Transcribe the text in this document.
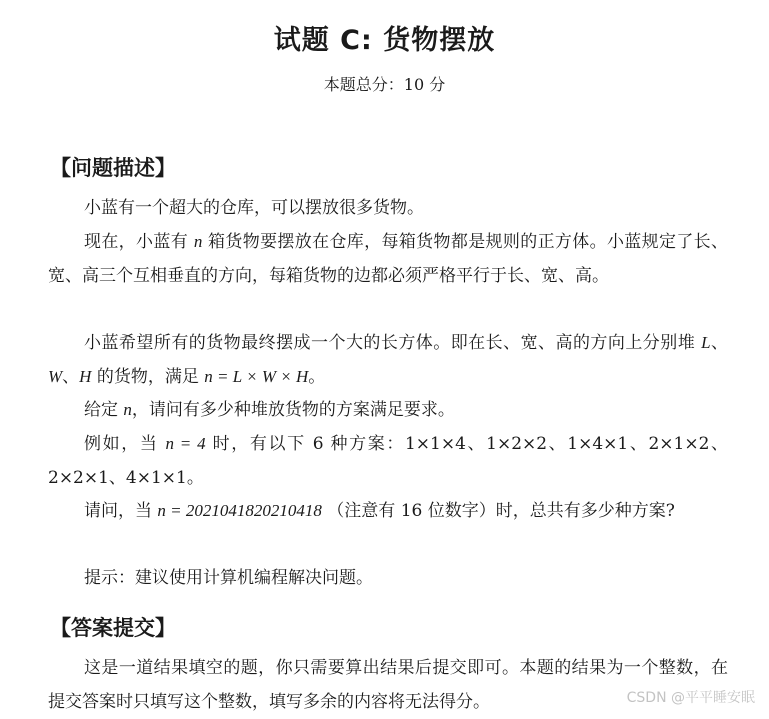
试题 C: 货物摆放
本题总分：10 分
【问题描述】
小蓝有一个超大的仓库，可以摆放很多货物。
现在，小蓝有 n 箱货物要摆放在仓库，每箱货物都是规则的正方体。小蓝规定了长、宽、高三个互相垂直的方向，每箱货物的边都必须严格平行于长、宽、高。
小蓝希望所有的货物最终摆成一个大的长方体。即在长、宽、高的方向上分别堆 L、W、H 的货物，满足 n = L × W × H。
给定 n，请问有多少种堆放货物的方案满足要求。
例如，当 n = 4 时，有以下 6 种方案：1×1×4、1×2×2、1×4×1、2×1×2、2×2×1、4×1×1。
请问，当 n = 2021041820210418 （注意有 16 位数字）时，总共有多少种方案?
提示：建议使用计算机编程解决问题。
【答案提交】
这是一道结果填空的题，你只需要算出结果后提交即可。本题的结果为一个整数，在提交答案时只填写这个整数，填写多余的内容将无法得分。	CSDN @平平睡安眠
